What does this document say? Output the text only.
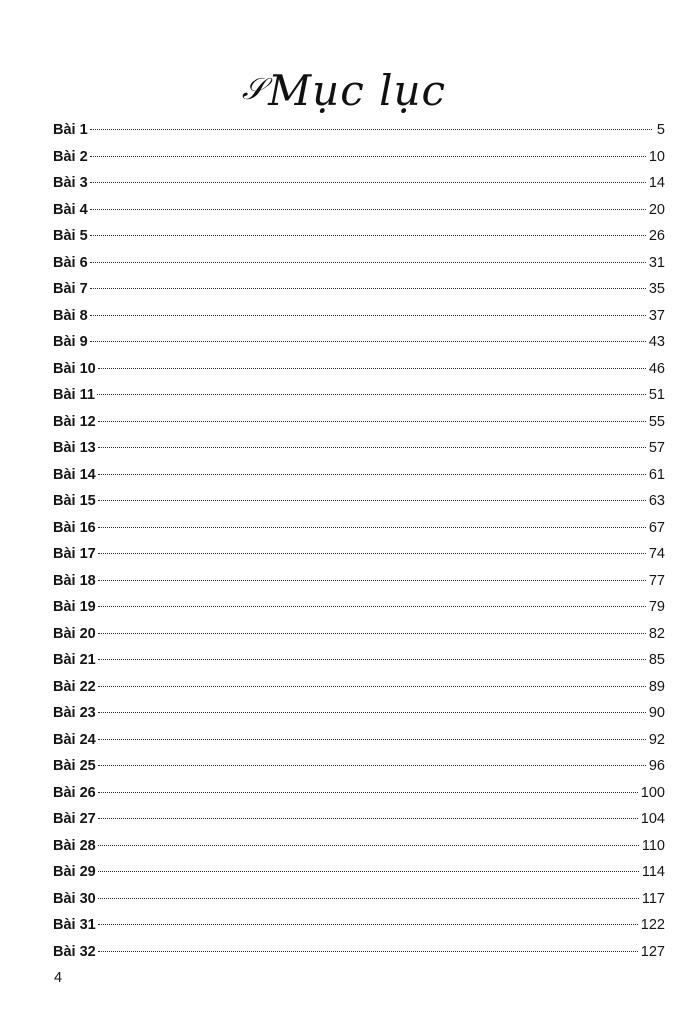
𝒮Mục lục
Bài 1	5
Bài 2	10
Bài 3	14
Bài 4	20
Bài 5	26
Bài 6	31
Bài 7	35
Bài 8	37
Bài 9	43
Bài 10	46
Bài 11	51
Bài 12	55
Bài 13	57
Bài 14	61
Bài 15	63
Bài 16	67
Bài 17	74
Bài 18	77
Bài 19	79
Bài 20	82
Bài 21	85
Bài 22	89
Bài 23	90
Bài 24	92
Bài 25	96
Bài 26	100
Bài 27	104
Bài 28	110
Bài 29	114
Bài 30	117
Bài 31	122
Bài 32	127
4
